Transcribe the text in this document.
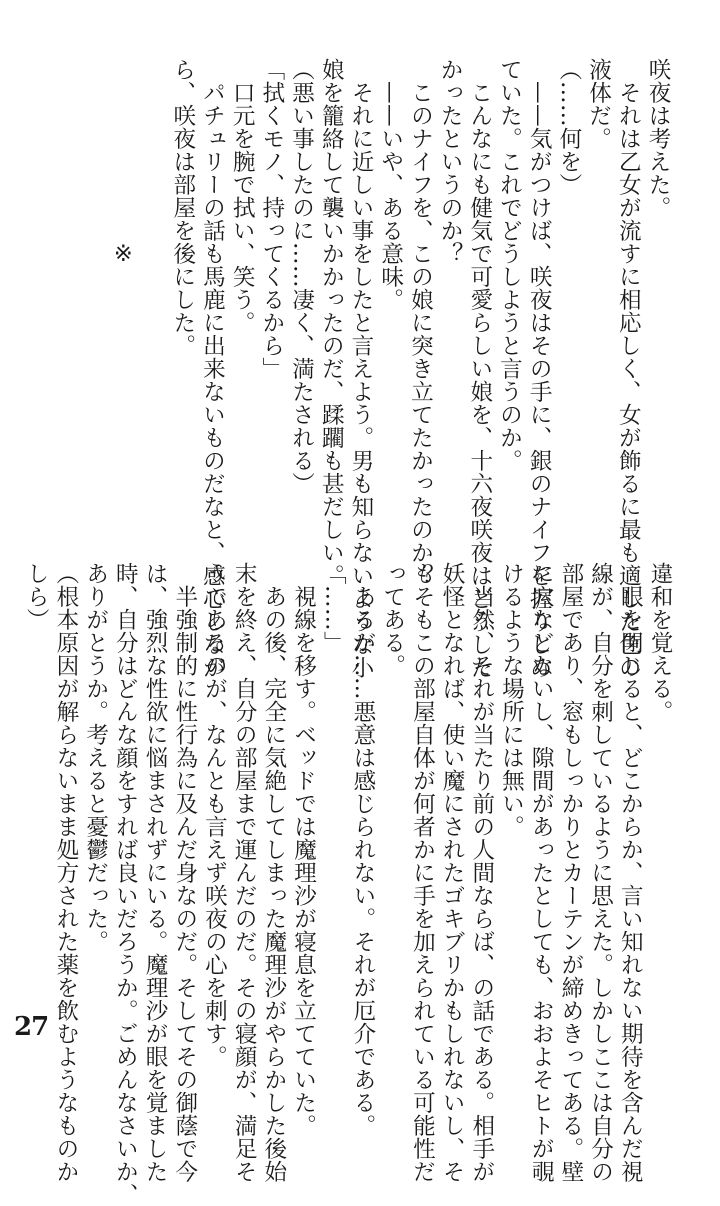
咲夜は考えた。
　それは乙女が流すに相応しく、女が飾るに最も適した色の
液体だ。
（……何を）
　——気がつけば、咲夜はその手に、銀のナイフを握りしめ
ていた。これでどうしようと言うのか。
　こんなにも健気で可愛らしい娘を、十六夜咲夜はどうした
かったというのか？
　このナイフを、この娘に突き立てたかったのか？
　——いや、ある意味。
　それに近しい事をしたと言えよう。男も知らないような小
娘を籠絡して襲いかかったのだ、蹂躙も甚だしい。
（悪い事したのに……凄く、満たされる）
「拭くモノ、持ってくるから」
　口元を腕で拭い、笑う。
　パチュリーの話も馬鹿に出来ないものだなと、感心しなが
ら、咲夜は部屋を後にした。

※
違和を覚える。
　眼を閉じると、どこからか、言い知れない期待を含んだ視
線が、自分を刺しているように思えた。しかしここは自分の
部屋であり、窓もしっかりとカーテンが締めきってある。壁
に穴などないし、隙間があったとしても、おおよそヒトが覗
けるような場所には無い。
　当然、それが当たり前の人間ならば、の話である。相手が
妖怪となれば、使い魔にされたゴキブリかもしれないし、そ
もそもこの部屋自体が何者かに手を加えられている可能性だ
ってある。
　あるが……悪意は感じられない。それが厄介である。
「……」
　視線を移す。ベッドでは魔理沙が寝息を立てていた。
　あの後、完全に気絶してしまった魔理沙がやらかした後始
末を終え、自分の部屋まで運んだのだ。その寝顔が、満足そ
うであるのが、なんとも言えず咲夜の心を刺す。
　半強制的に性行為に及んだ身なのだ。そしてその御蔭で今
は、強烈な性欲に悩まされずにいる。魔理沙が眼を覚ました
時、自分はどんな顔をすれば良いだろうか。ごめんなさいか、
ありがとうか。考えると憂鬱だった。
（根本原因が解らないまま処方された薬を飲むようなものか
しら）
27
